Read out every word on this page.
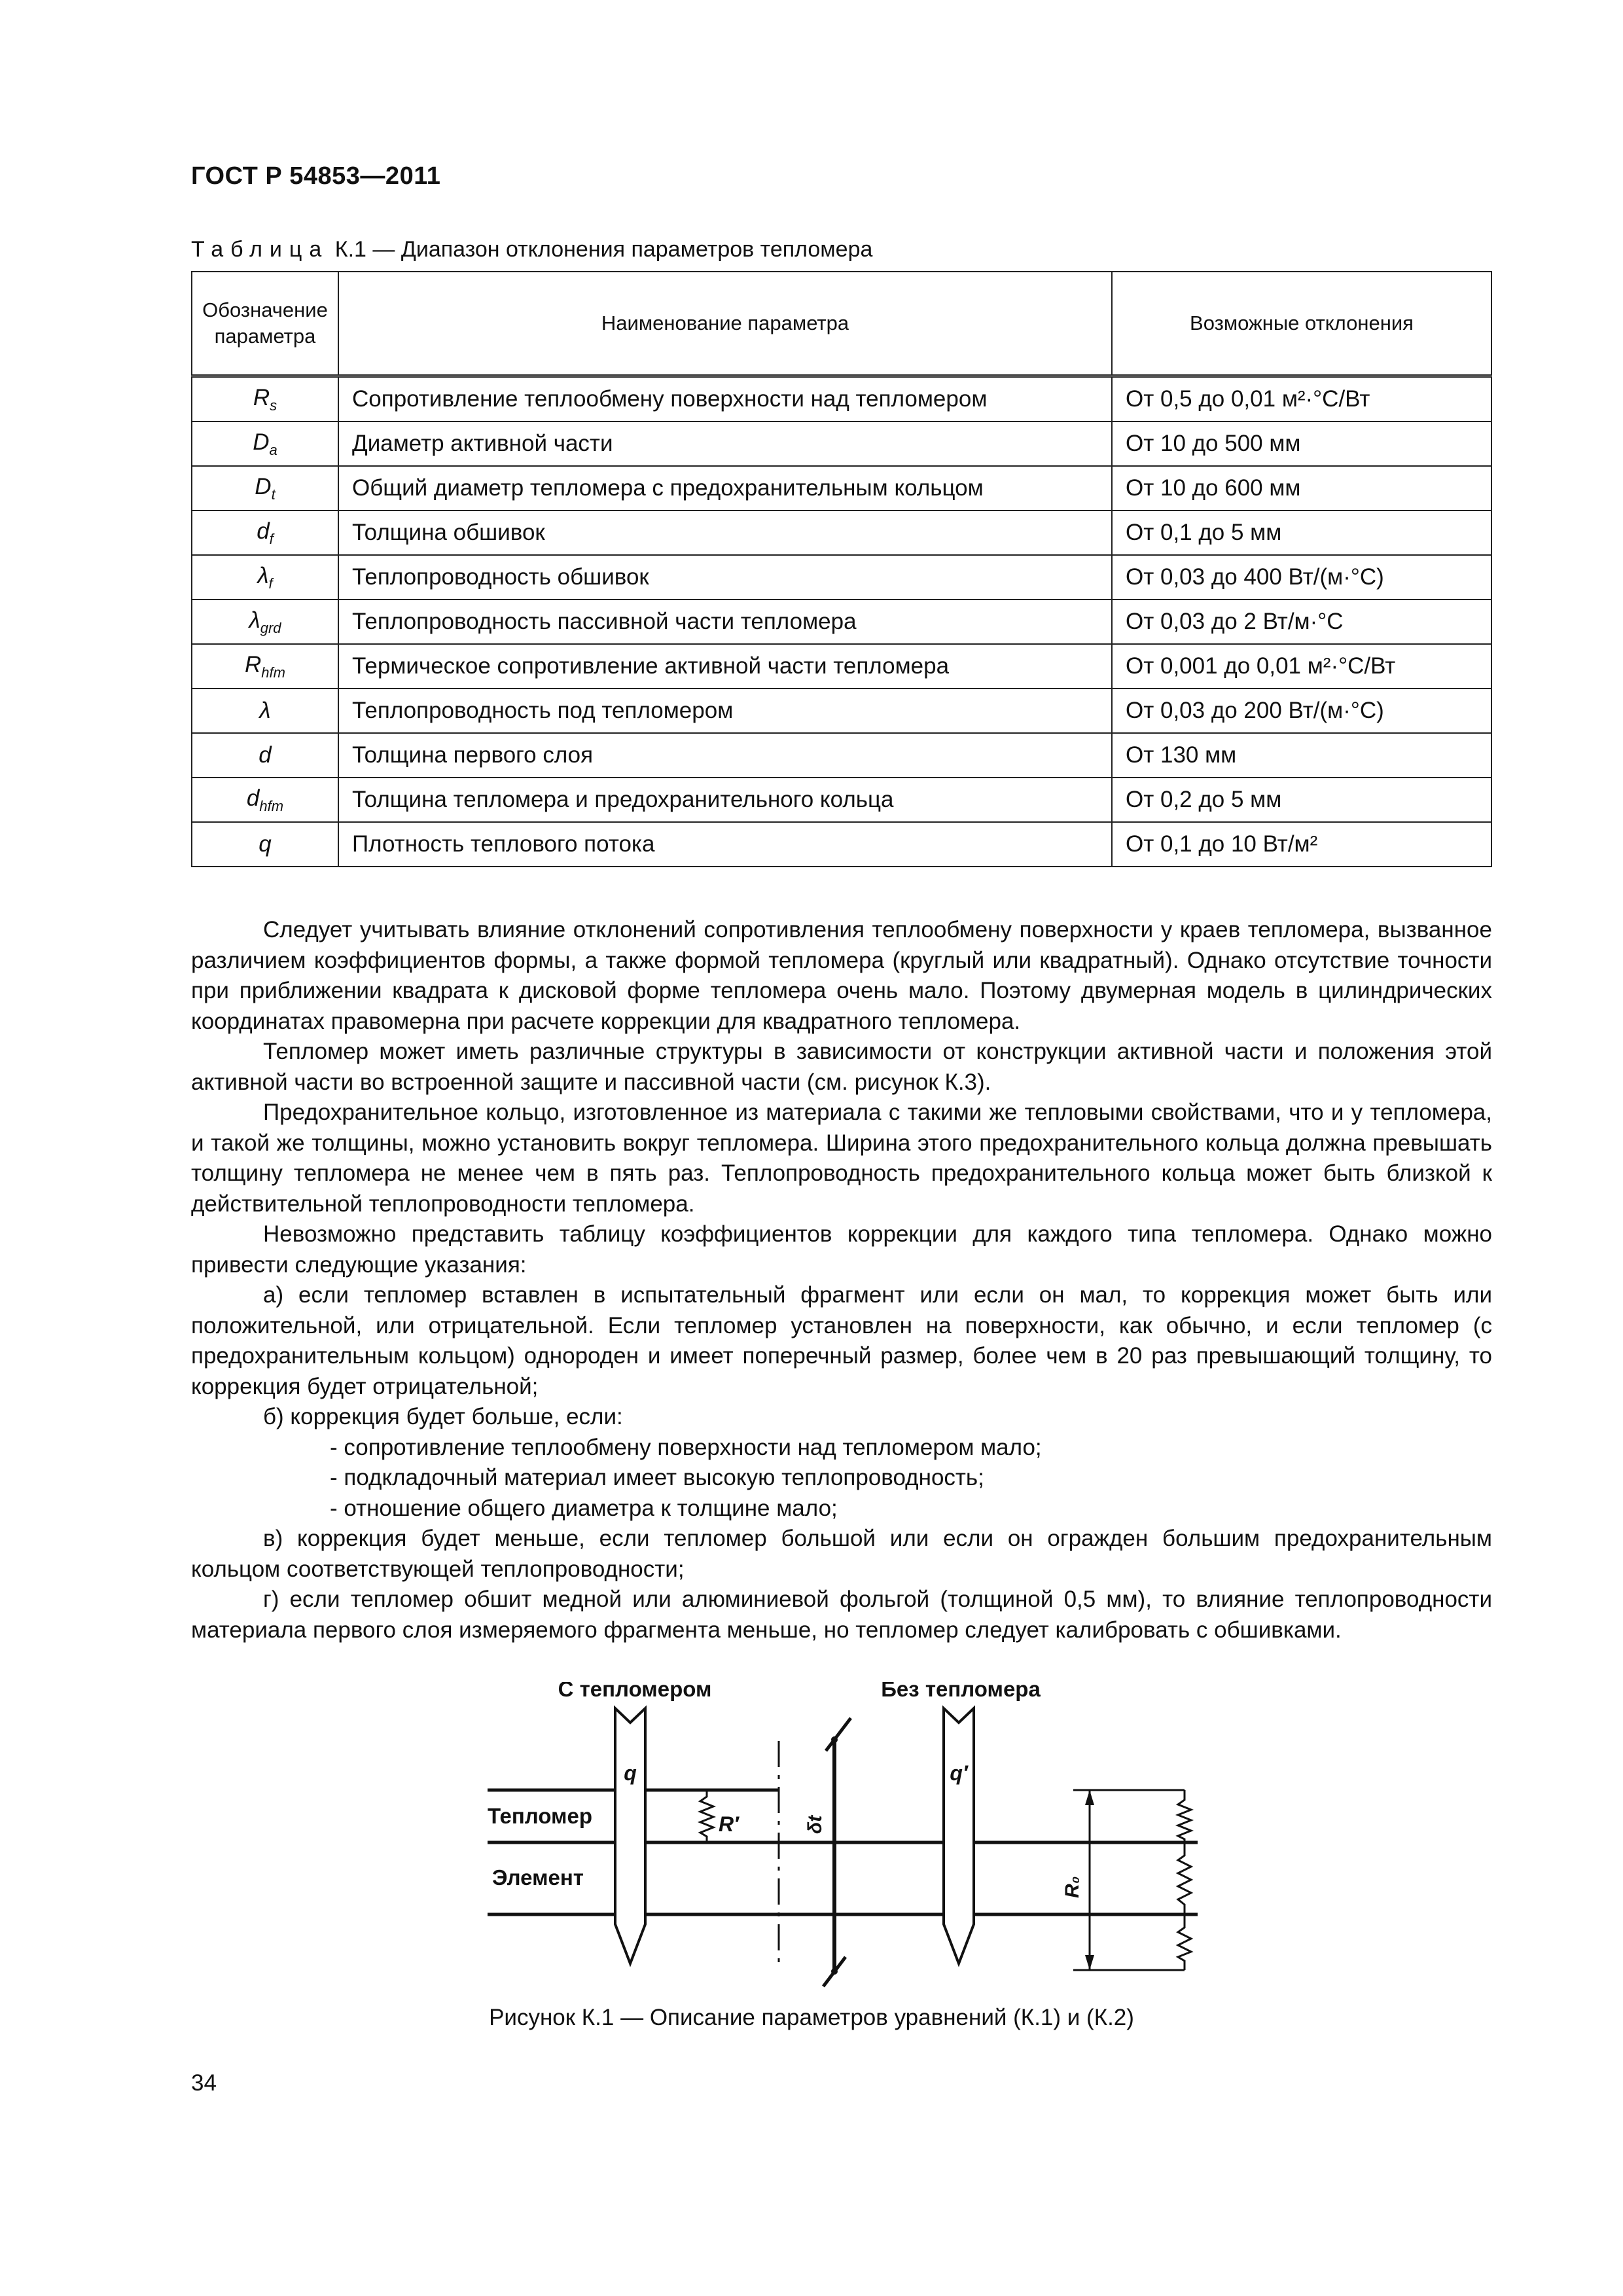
ГОСТ Р 54853—2011
Таблица К.1 — Диапазон отклонения параметров тепломера
Обозначение параметра	Наименование параметра	Возможные отклонения
$R_s$	Сопротивление теплообмену поверхности над тепломером	От 0,5 до 0,01 м²·°С/Вт
$D_a$	Диаметр активной части	От 10 до 500 мм
$D_t$	Общий диаметр тепломера с предохранительным кольцом	От 10 до 600 мм
$d_f$	Толщина обшивок	От 0,1 до 5 мм
$\lambda_f$	Теплопроводность обшивок	От 0,03 до 400 Вт/(м·°С)
$\lambda_{grd}$	Теплопроводность пассивной части тепломера	От 0,03 до 2 Вт/м·°С
$R_{hfm}$	Термическое сопротивление активной части тепломера	От 0,001 до 0,01 м²·°С/Вт
λ	Теплопроводность под тепломером	От 0,03 до 200 Вт/(м·°С)
d	Толщина первого слоя	От 130 мм
$d_{hfm}$	Толщина тепломера и предохранительного кольца	От 0,2 до 5 мм
q	Плотность теплового потока	От 0,1 до 10 Вт/м²

Следует учитывать влияние отклонений сопротивления теплообмену поверхности у краев тепломера, вызванное различием коэффициентов формы, а также формой тепломера (круглый или квадратный). Однако отсутствие точности при приближении квадрата к дисковой форме тепломера очень мало. Поэтому двумерная модель в цилиндрических координатах правомерна при расчете коррекции для квадратного тепломера.

Тепломер может иметь различные структуры в зависимости от конструкции активной части и положения этой активной части во встроенной защите и пассивной части (см. рисунок К.3).

Предохранительное кольцо, изготовленное из материала с такими же тепловыми свойствами, что и у тепломера, и такой же толщины, можно установить вокруг тепломера. Ширина этого предохранительного кольца должна превышать толщину тепломера не менее чем в пять раз. Теплопроводность предохранительного кольца может быть близкой к действительной теплопроводности тепломера.

Невозможно представить таблицу коэффициентов коррекции для каждого типа тепломера. Однако можно привести следующие указания:

а) если тепломер вставлен в испытательный фрагмент или если он мал, то коррекция может быть или положительной, или отрицательной. Если тепломер установлен на поверхности, как обычно, и если тепломер (с предохранительным кольцом) однороден и имеет поперечный размер, более чем в 20 раз превышающий толщину, то коррекция будет отрицательной;

б) коррекция будет больше, если:

- сопротивление теплообмену поверхности над тепломером мало;

- подкладочный материал имеет высокую теплопроводность;

- отношение общего диаметра к толщине мало;

в) коррекция будет меньше, если тепломер большой или если он огражден большим предохранительным кольцом соответствующей теплопроводности;

г) если тепломер обшит медной или алюминиевой фольгой (толщиной 0,5 мм), то влияние теплопроводности материала первого слоя измеряемого фрагмента меньше, но тепломер следует калибровать с обшивками.

С тепломером	Без тепломера
q	q′
R′	δt
R₀
Тепломер
Элемент
Рисунок К.1 — Описание параметров уравнений (К.1) и (К.2)
34
